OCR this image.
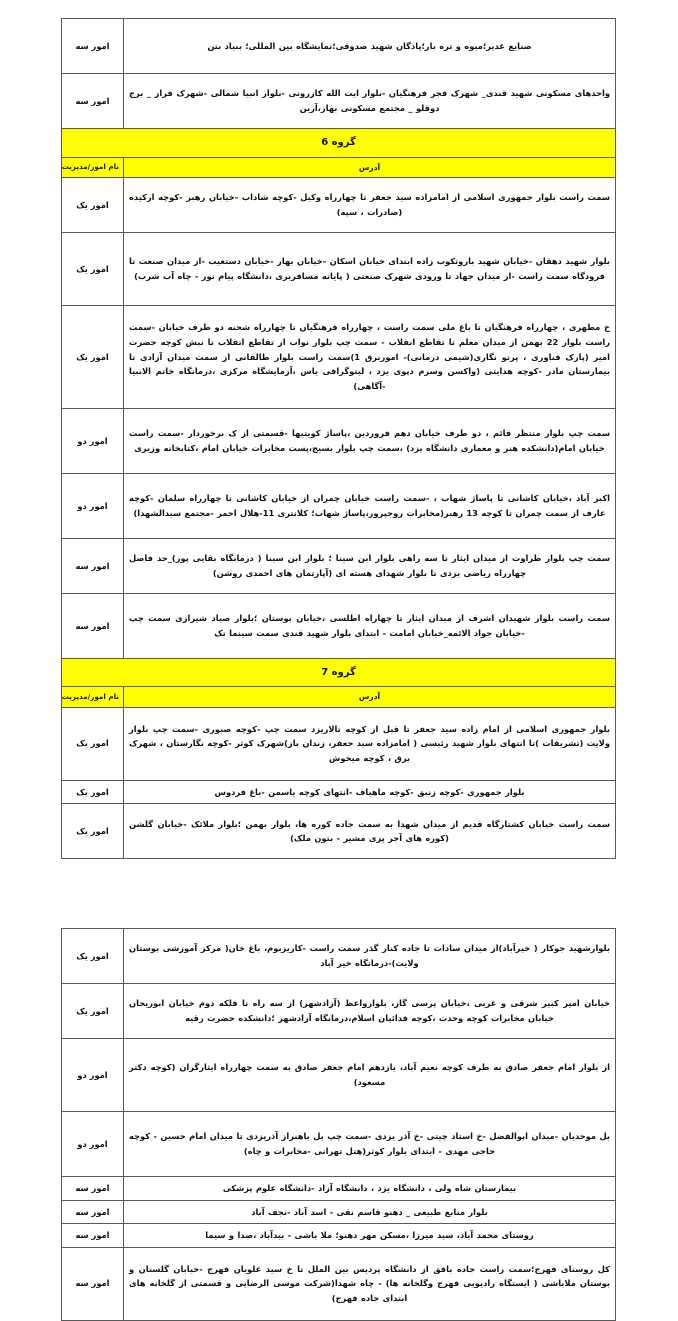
صنایع غدیر؛میوه و تره بار؛پادگان شهید صدوقی؛نمایشگاه بین المللی؛ بنیاد بتن	امور سه
واحدهای مسکونی شهید قندی_ شهرک فجر فرهنگیان -بلوار ایت الله کازرونی -بلوار انبیا شمالی -شهرک فراز _ برج دوقلو _ مجتمع مسکونی بهار،آرین	امور سه
گروه 6	
آدرس	نام امور/مدیریت
سمت راست بلوار جمهوری اسلامی از امامزاده سید جعفر تا چهارراه وکیل -کوچه شاداب -خیابان رهبر -کوچه ارکیده (صادرات ، سپه)	امور یک
بلوار شهید دهقان -خیابان شهید باروتکوب زاده ابتدای خیابان اسکان -خیابان بهار -خیابان دستغیب -از میدان صنعت تا فرودگاه سمت راست -از میدان جهاد تا ورودی شهرک صنعتی ( پایانه مسافربری ،دانشگاه پیام نور - چاه آب شرب)	امور یک
خ مطهری ، چهارراه فرهنگیان تا باغ ملی سمت راست ، چهارراه فرهنگیان تا چهارراه شحنه دو طرف خیابان -سمت راست بلوار 22 بهمن از میدان معلم تا تقاطع انقلاب - سمت چپ بلوار نواب از تقاطع انقلاب تا نبش کوچه حضرت امیر (پارک فناوری ، پرتو نگاری(شیمی درمانی)- اموربرق 1)سمت راست بلوار طالقانی از سمت میدان آزادی تا بیمارستان مادر -کوچه هدایتی (واکسن وسرم دپوی یزد ، لیتوگرافی یاس ،آزمایشگاه مرکزی ،درمانگاه خاتم الانبیا -آگاهی)	امور یک
سمت چپ بلوار منتظر قائم ، دو طرف خیابان دهم فروردین ،پاساژ کویتیها -قسمتی از ک برخوردار -سمت راست خیابان امام(دانشکده هنر و معماری دانشگاه یزد) ،سمت چپ بلوار بسیج،پست مخابرات خیابان امام ،کتابخانه وزیری	امور دو
اکبر آباد ،خیابان کاشانی تا پاساژ شهاب ، -سمت راست خیابان چمران از خیابان کاشانی تا چهارراه سلمان -کوچه عارف از سمت چمران تا کوچه 13 رهبر(مخابرات روحپرور،پاساژ شهاب؛ کلانتری 11-هلال احمر -مجتمع سیدالشهدا)	امور دو
سمت چپ بلوار طراوت از میدان ایثار تا سه راهی بلوار ابن سینا ؛ بلوار ابن سینا ( درمانگاه بقایی پور)_حد فاصل چهارراه ریاضی یزدی تا بلوار شهدای هسته ای (آپارتمان های احمدی روشن)	امور سه
سمت راست بلوار شهیدان اشرف از میدان ایثار تا چهاراه اطلسی ،خیابان بوستان ؛بلوار صیاد شیرازی سمت چپ -خیابان جواد الائمه_خیابان امامت - ابتدای بلوار شهید قندی سمت سینما تک	امور سه
گروه 7	
آدرس	نام امور/مدیریت
بلوار جمهوری اسلامی از امام زاده سید جعفر تا قبل از کوچه تالاریزد سمت چپ -کوچه صبوری -سمت چپ بلوار ولایت (تشریفات )تا انتهای بلوار شهید رئیسی ( امامزاده سید جعفر، زندان باز)شهرک کوثر -کوچه نگارستان ، شهرک برق ، کوچه میخوش	امور یک
بلوار جمهوری -کوچه زنبق -کوچه ماهباف -انتهای کوچه یاسمن -باغ فردوس	امور یک
سمت راست خیابان کشتارگاه قدیم از میدان شهدا به سمت جاده کوره ها، بلوار بهمن ؛بلوار ملائک -خیابان گلشن (کوره های آجر پزی مشیر - بتون ملک)	امور یک
بلوارشهید جوکار ( خیرآباد)از میدان سادات تا جاده کنار گذر سمت راست -کاریزبوم، باغ خان( مرکز آموزشی بوستان ولایت)-درمانگاه خیر آباد	امور یک
خیابان امیر کبیر شرقی و غربی ،خیابان پرسی گاز، بلوارواعظ (آزادشهر) از سه راه تا فلکه دوم خیابان ابوریحان خیابان مخابرات کوچه وحدت ،کوچه فدائیان اسلام،درمانگاه آزادشهر ؛دانشکده حضرت رقیه	امور یک
از بلوار امام جعفر صادق به طرف کوچه نعیم آباد، یازدهم امام جعفر صادق به سمت چهارراه ایثارگران (کوچه دکتر مسعود)	امور دو
بل موحدیان -میدان ابوالفضل -خ استاد چیتی -خ آذر یزدی -سمت چپ بل باهنراز آذریزدی تا میدان امام حسین - کوچه حاجی مهدی - ابتدای بلوار کوثر(هتل تهرانی -مخابرات و چاه)	امور دو
بیمارستان شاه ولی ، دانشگاه یزد ، دانشگاه آزاد -دانشگاه علوم پزشکی	امور سه
بلوار منابع طبیعی _ دهنو قاسم نقی - اسد آباد -نجف آباد	امور سه
روستای محمد آباد، سید میرزا ،مسکن مهر دهنو؛ ملا باشی - بیدآباد ،صدا و سیما	امور سه
کل روستای فهرج؛سمت راست جاده بافق از دانشگاه پردیس بین الملل تا خ سید علویان فهرج -خیابان گلستان و بوستان ملاباشی ( ایستگاه رادیویی فهرج وگلخانه ها) - چاه شهدا(شرکت موسی الرضایی و قسمتی از گلخانه های ابتدای جاده فهرج)	امور سه
